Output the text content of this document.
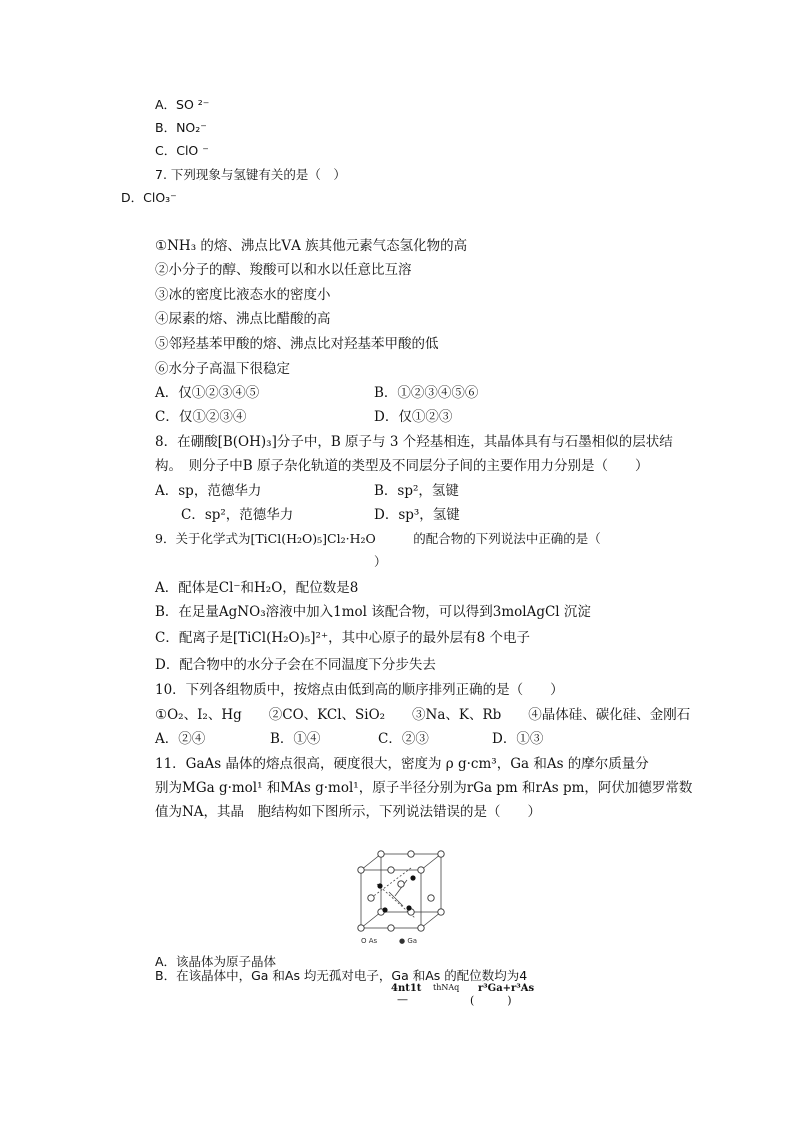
A．SO ²⁻
B．NO₂⁻
C．ClO ⁻
7. 下列现象与氢键有关的是（　）
D．ClO₃⁻
①NH₃ 的熔、沸点比ⅤA 族其他元素气态氢化物的高
②小分子的醇、羧酸可以和水以任意比互溶
③冰的密度比液态水的密度小
④尿素的熔、沸点比醋酸的高
⑤邻羟基苯甲酸的熔、沸点比对羟基苯甲酸的低
⑥水分子高温下很稳定
A．仅①②③④⑤	B．①②③④⑤⑥
C．仅①②③④	D．仅①②③
8．在硼酸[B(OH)₃]分子中，B 原子与 3 个羟基相连，其晶体具有与石墨相似的层状结
构。　则分子中B 原子杂化轨道的类型及不同层分子间的主要作用力分别是（　　）
A．sp，范德华力	B．sp²，氢键
C．sp²，范德华力	D．sp³，氢键
9．关于化学式为[TiCl(H₂O)₅]Cl₂·H₂O　　　的配合物的下列说法中正确的是（
）
A．配体是Cl⁻和H₂O，配位数是8
B．在足量AgNO₃溶液中加入1mol 该配合物，可以得到3molAgCl 沉淀
C．配离子是[TiCl(H₂O)₅]²⁺，其中心原子的最外层有8 个电子
D．配合物中的水分子会在不同温度下分步失去
10．下列各组物质中，按熔点由低到高的顺序排列正确的是（　　）
①O₂、I₂、Hg　　②CO、KCl、SiO₂　　③Na、K、Rb　　④晶体硅、碳化硅、金刚石
A．②④	B．①④	C．②③	D．①③
11．GaAs 晶体的熔点很高，硬度很大，密度为 ρ g·cm³，Ga 和As 的摩尔质量分
别为MGa g·mol¹ 和MAs g·mol¹，原子半径分别为rGa pm 和rAs pm，阿伏加德罗常数
值为NA，其晶　胞结构如下图所示，下列说法错误的是（　　）
O As	● Ga
A．该晶体为原子晶体
B．在该晶体中，Ga 和As 均无孤对电子，Ga 和As 的配位数均为4
4nt1t thNAq r³Ga+r³As
—	(　　　)
